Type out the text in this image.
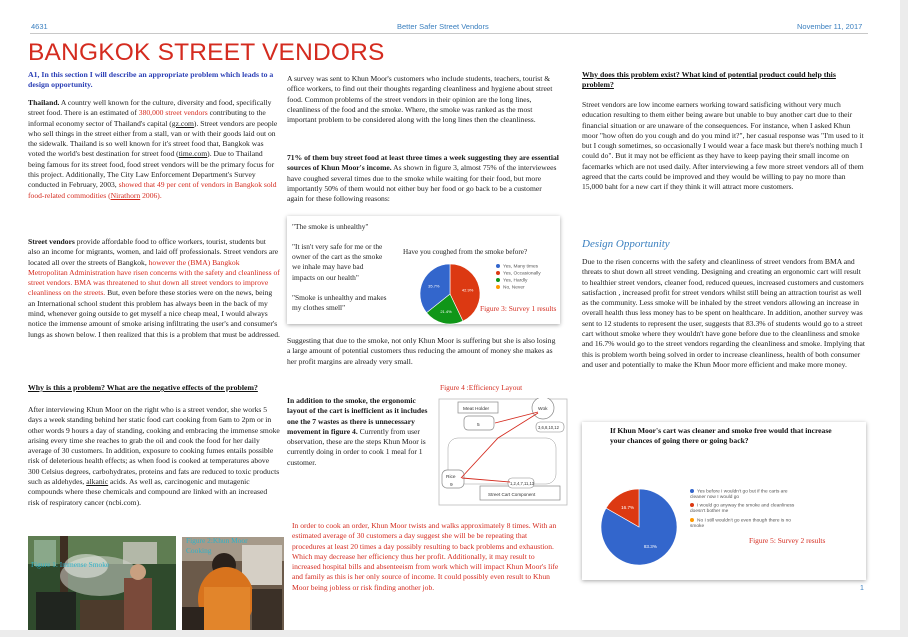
4631	Better Safer Street Vendors	November 11, 2017
BANGKOK STREET VENDORS
A1, In this section I will describe an appropriate problem which leads to a design opportunity.
Thailand. A country well known for the culture, diversity and food, specifically street food. There is an estimated of 380,000 street vendors contributing to the informal economy sector of Thailand's capital (gz.com). Street vendors are people who sell things in the street either from a stall, van or with their goods laid out on the sidewalk. Thailand is so well known for it's street food that, Bangkok was voted the world's best destination for street food (time.com). Due to Thailand being famous for its street food, food street vendors will be the primary focus for this project. Additionally, The City Law Enforcement Department's Survey conducted in February, 2003, showed that 49 per cent of vendors in Bangkok sold food-related commodities (Nirathorn 2006).
Street vendors provide affordable food to office workers, tourist, students but also an income for migrants, women, and laid off professionals. Street vendors are located all over the streets of Bangkok, however the (BMA) Bangkok Metropolitan Administration have risen concerns with the safety and cleanliness of street vendors. BMA was threatened to shut down all street vendors to improve cleanliness on the streets. But, even before these stories were on the news, being an International school student this problem has always been in the back of my mind, whenever going outside to get myself a nice cheap meal, I would always notice the immense amount of smoke arising infiltrating the user's and consumer's lungs as shown below. I then realized that this is a problem that must be addressed.
Why is this a problem? What are the negative effects of the problem?
After interviewing Khun Moor on the right who is a street vendor, she works 5 days a week standing behind her static food cart cooking from 6am to 2pm or in other words 9 hours a day of standing, cooking and embracing the immense smoke arising every time she reaches to grab the oil and cook the food for her daily average of 30 customers. In addition, exposure to cooking fumes entails possible risk of deleterious health effects; as when food is cooked at temperatures above 300 Celsius degrees, carbohydrates, proteins and fats are reduced to toxic products such as aldehydes, alkanic acids. As well as, carcinogenic and mutagenic compounds where these chemicals and compound are linked with an increased risk of respiratory cancer (ncbi.com).
Figure 1: Immense Smoke
Figure 2:Khun Moor Cooking
A survey was sent to Khun Moor's customers who include students, teachers, tourist & office workers, to find out their thoughts regarding cleanliness and hygiene about street food. Common problems of the street vendors in their opinion are the long lines, cleanliness of the food and the smoke. Where, the smoke was ranked as the most important problem to be considered along with the long lines then the cleanliness.
71% of them buy street food at least three times a week suggesting they are essential sources of Khun Moor's income. As shown in figure 3, almost 75% of the interviewees have coughed several times due to the smoke while waiting for their food, but more importantly 50% of them would not either buy her food or go back to be a customer again for these following reasons:
"The smoke is unhealthy"
"It isn't very safe for me or the owner of the cart as the smoke we inhale may have bad impacts on our health"
"Smoke is unhealthy and makes my clothes smell"
Have you coughed from the smoke before?
42.9%
21.4%
35.7%
Yes, Many times
Yes, Occasionally
Yes, Hardly
No, Never
Figure 3: Survey 1 results
Suggesting that due to the smoke, not only Khun Moor is suffering but she is also losing a large amount of potential customers thus reducing the amount of money she makes as her profit margins are already very small.
Figure 4 :Efficiency Layout
In addition to the smoke, the ergonomic layout of the cart is inefficient as it includes one the 7 wastes as there is unnecessary movement in figure 4. Currently from user observation, these are the steps Khun Moor is currently doing in order to cook 1 meal for 1 customer.
Meat Holder
5
Wok
Rice
9
3,6,8,10,12
1,2,4,7,11,13
Street Cart Component
In order to cook an order, Khun Moor twists and walks approximately 8 times. With an estimated average of 30 customers a day suggest she will be be repeating that procedures at least 20 times a day possibly resulting to back problems and exhaustion. Which may decrease her efficiency thus her profit. Additionally, it may result to increased hospital bills and absenteeism from work which will impact Khun Moor's life and family as this is her only source of income. It could possibly even result to Khun Moor being jobless or risk finding another job.
Why does this problem exist? What kind of potential product could help this problem?
Street vendors are low income earners working toward satisficing without very much education resulting to them either being aware but unable to buy another cart due to their financial situation or are unaware of the consequences. For instance, when I asked Khun moor "how often do you cough and do you mind it?", her casual response was "I'm used to it but I cough sometimes, so occasionally I would wear a face mask but there's nothing much I could do". But it may not be efficient as they have to keep paying their small income on facemarks which are not used daily. After interviewing a few more street vendors all of them agreed that the carts could be improved and they would be willing to pay no more than 15,000 baht for a new cart if they think it will attract more customers.
Design Opportunity
Due to the risen concerns with the safety and cleanliness of street vendors from BMA and threats to shut down all street vending. Designing and creating an ergonomic cart will result to healthier street vendors, cleaner food, reduced queues, increased customers and customers satisfaction , increased profit for street vendors whilst still being an attraction tourist as well as the community. Less smoke will be inhaled by the street vendors allowing an increase in overall health thus less money has to be spent on healthcare. In addition, another survey was sent to 12 students to represent the user, suggests that 83.3% of students would go to a street cart without smoke where they wouldn't have gone before due to the cleanliness and smoke and 16.7% would go to the street vendors regarding the cleanliness and smoke. Implying that this is problem worth being solved in order to increase cleanliness, health of both consumer and user and potentially to make the Khun Moor more efficient and make more money.
If Khun Moor's cart was cleaner and smoke free would that increase your chances of going there or going back?
83.3%
16.7%
Yes before I wouldn't go but if the carts are cleaner now I would go
I would go anyway the smoke and cleanliness doesn't bother me
No I still wouldn't go even though there is no smoke
Figure 5: Survey 2 results
1
